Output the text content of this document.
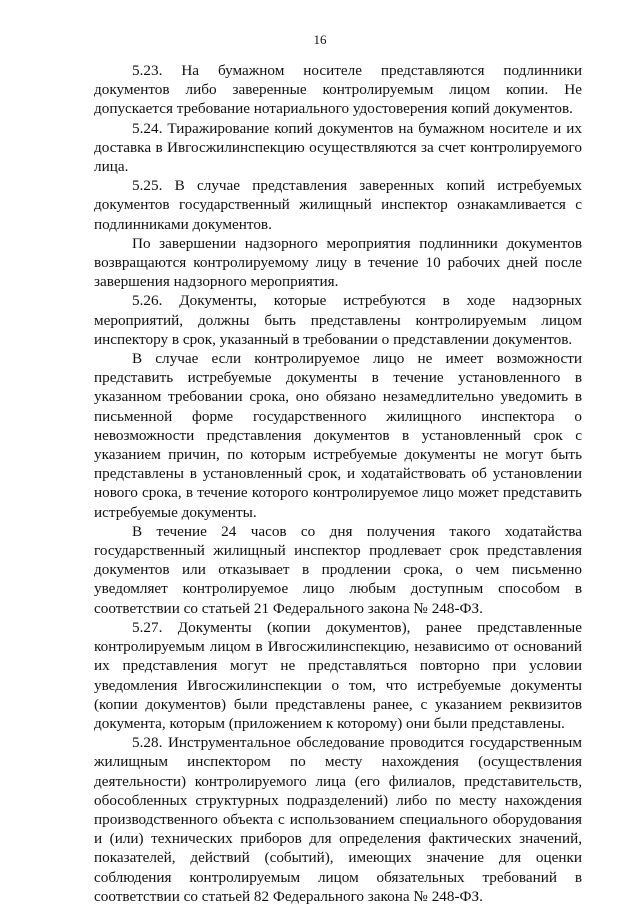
16

5.23. На бумажном носителе представляются подлинники документов либо заверенные контролируемым лицом копии. Не допускается требование нотариального удостоверения копий документов.

5.24. Тиражирование копий документов на бумажном носителе и их доставка в Ивгосжилинспекцию осуществляются за счет контролируемого лица.

5.25. В случае представления заверенных копий истребуемых документов государственный жилищный инспектор ознакамливается с подлинниками документов.

По завершении надзорного мероприятия подлинники документов возвращаются контролируемому лицу в течение 10 рабочих дней после завершения надзорного мероприятия.

5.26. Документы, которые истребуются в ходе надзорных мероприятий, должны быть представлены контролируемым лицом инспектору в срок, указанный в требовании о представлении документов.

В случае если контролируемое лицо не имеет возможности представить истребуемые документы в течение установленного в указанном требовании срока, оно обязано незамедлительно уведомить в письменной форме государственного жилищного инспектора о невозможности представления документов в установленный срок с указанием причин, по которым истребуемые документы не могут быть представлены в установленный срок, и ходатайствовать об установлении нового срока, в течение которого контролируемое лицо может представить истребуемые документы.

В течение 24 часов со дня получения такого ходатайства государственный жилищный инспектор продлевает срок представления документов или отказывает в продлении срока, о чем письменно уведомляет контролируемое лицо любым доступным способом в соответствии со статьей 21 Федерального закона № 248-ФЗ.

5.27. Документы (копии документов), ранее представленные контролируемым лицом в Ивгосжилинспекцию, независимо от оснований их представления могут не представляться повторно при условии уведомления Ивгосжилинспекции о том, что истребуемые документы (копии документов) были представлены ранее, с указанием реквизитов документа, которым (приложением к которому) они были представлены.

5.28. Инструментальное обследование проводится государственным жилищным инспектором по месту нахождения (осуществления деятельности) контролируемого лица (его филиалов, представительств, обособленных структурных подразделений) либо по месту нахождения производственного объекта с использованием специального оборудования и (или) технических приборов для определения фактических значений, показателей, действий (событий), имеющих значение для оценки соблюдения контролируемым лицом обязательных требований в соответствии со статьей 82 Федерального закона № 248-ФЗ.
